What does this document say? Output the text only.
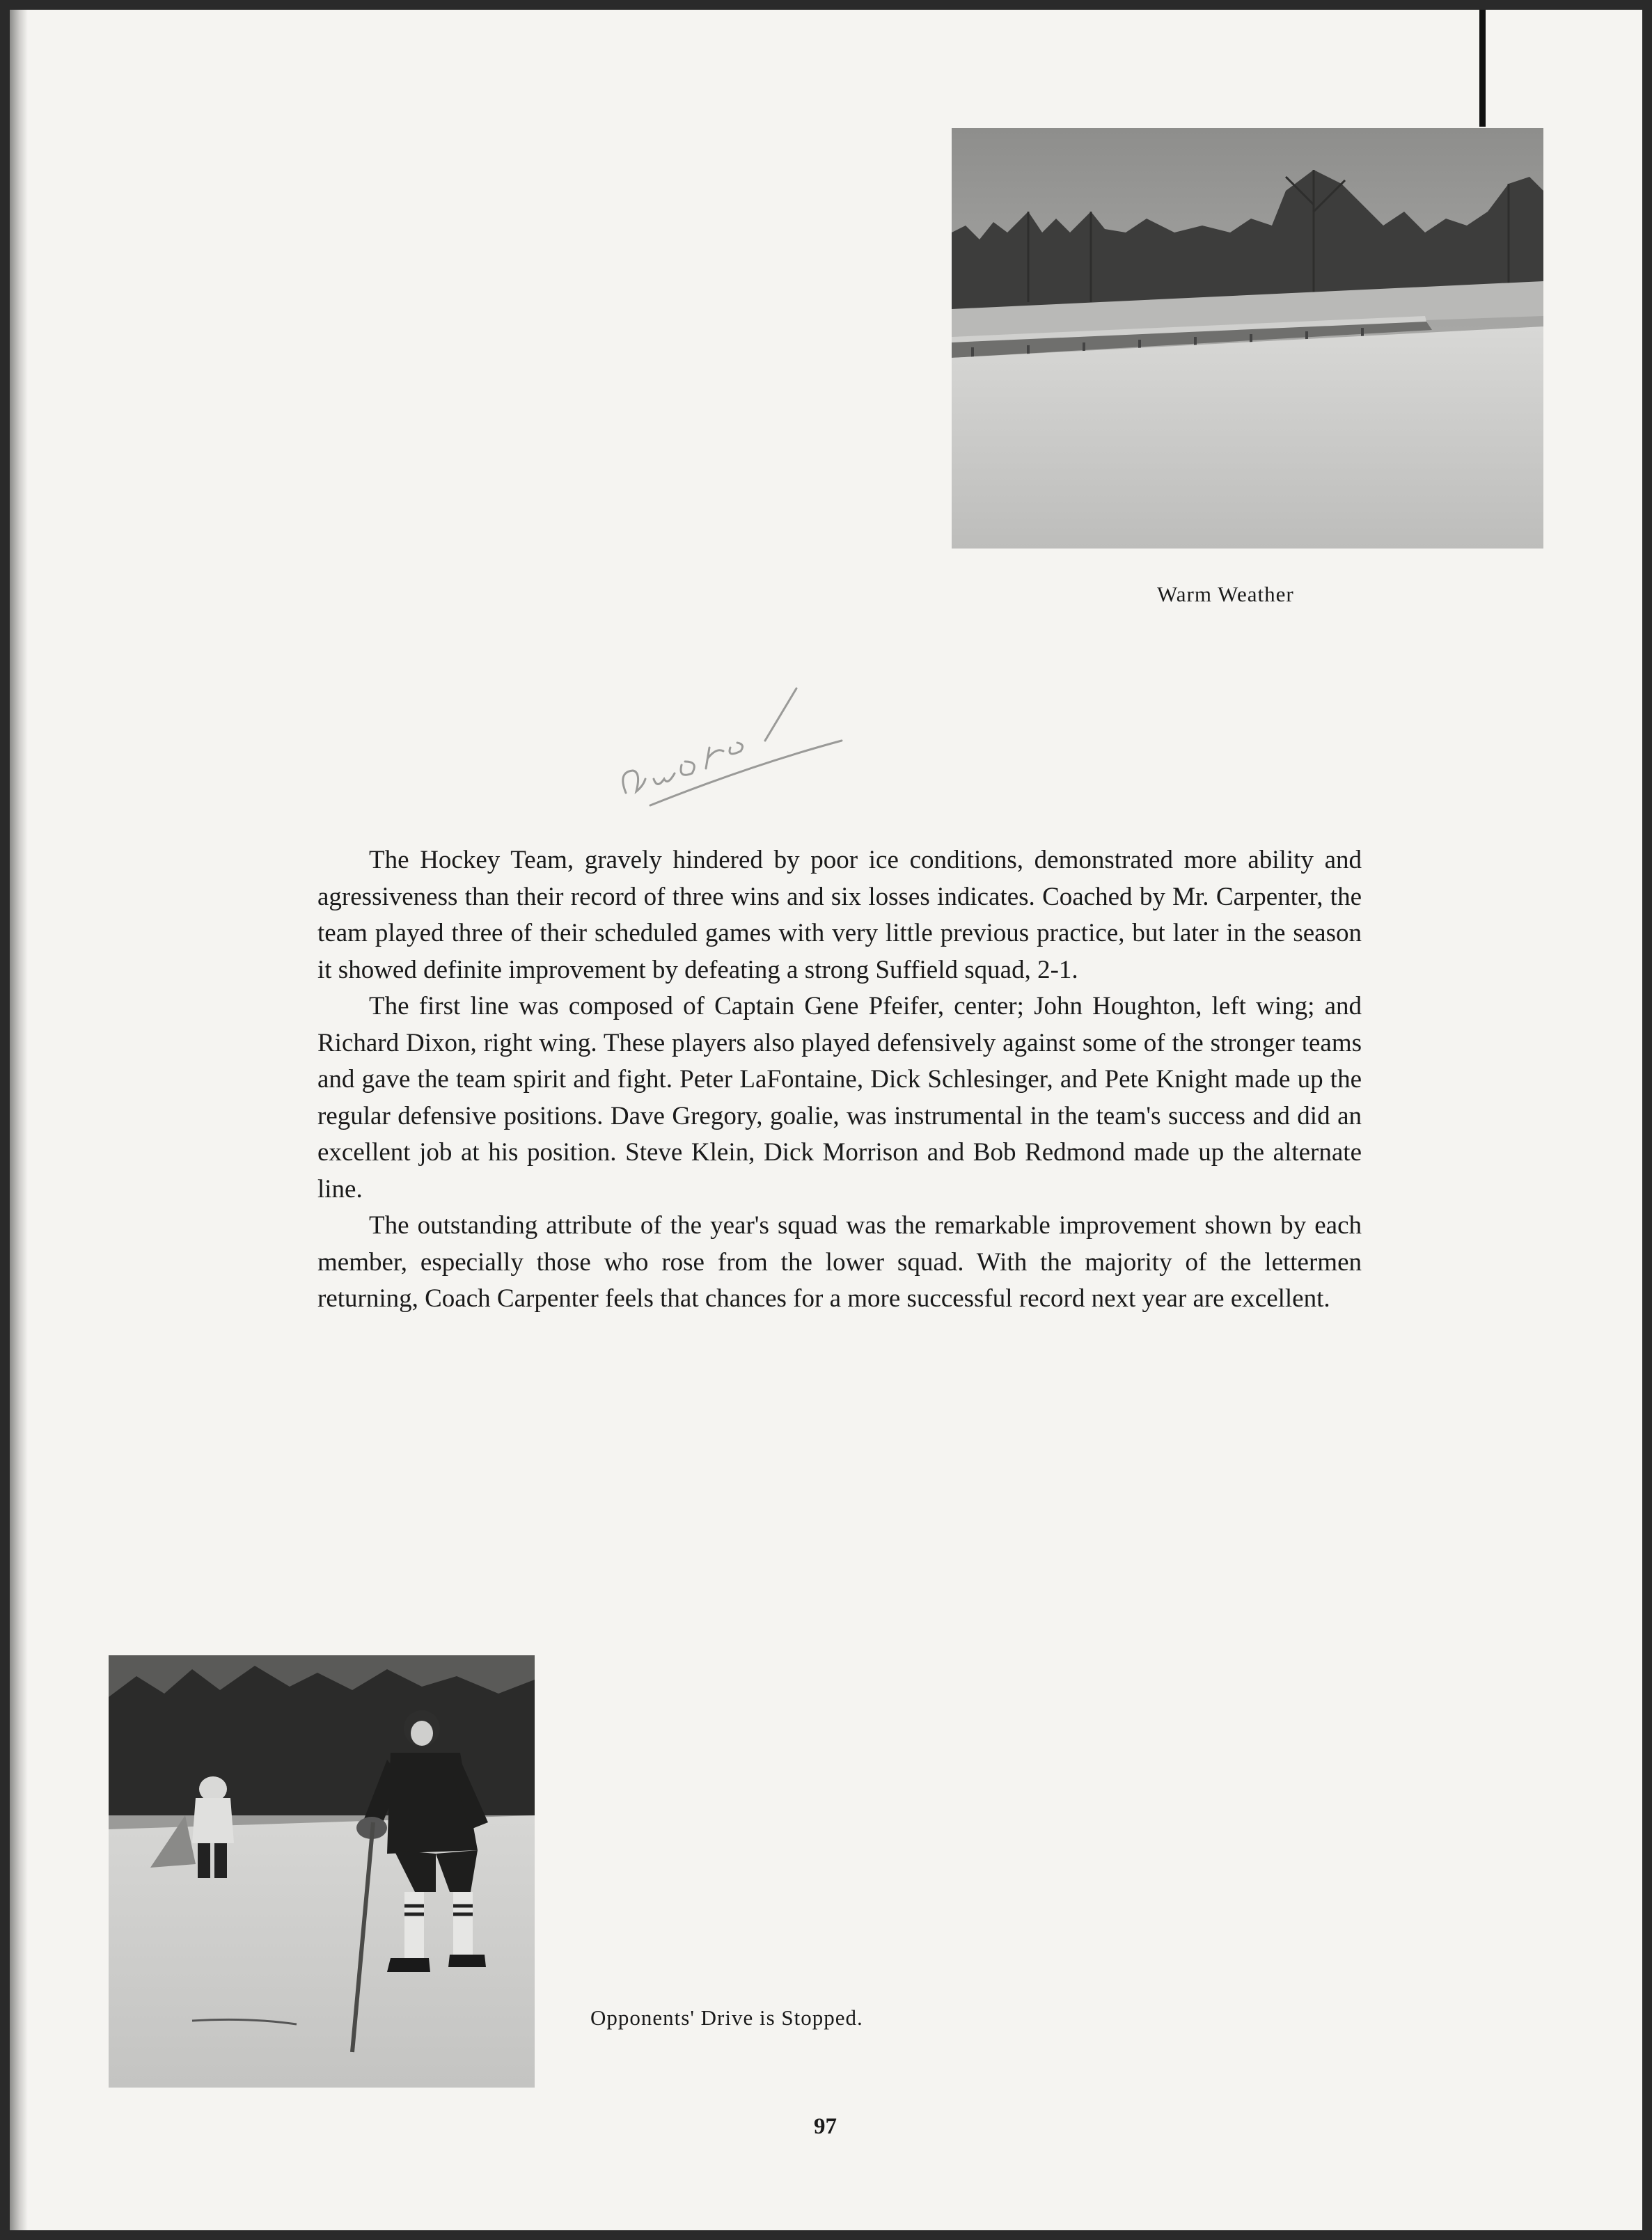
Warm Weather

The Hockey Team, gravely hindered by poor ice conditions, demonstrated more ability and agressiveness than their record of three wins and six losses indicates. Coached by Mr. Carpenter, the team played three of their scheduled games with very little previous practice, but later in the season it showed definite improvement by defeating a strong Suffield squad, 2-1.

The first line was composed of Captain Gene Pfeifer, center; John Houghton, left wing; and Richard Dixon, right wing. These players also played defensively against some of the stronger teams and gave the team spirit and fight. Peter LaFontaine, Dick Schlesinger, and Pete Knight made up the regular defensive positions. Dave Gregory, goalie, was instrumental in the team's success and did an excellent job at his position. Steve Klein, Dick Morrison and Bob Redmond made up the alternate line.

The outstanding attribute of the year's squad was the remarkable improvement shown by each member, especially those who rose from the lower squad. With the majority of the lettermen returning, Coach Carpenter feels that chances for a more successful record next year are excellent.

Opponents' Drive is Stopped.
97
